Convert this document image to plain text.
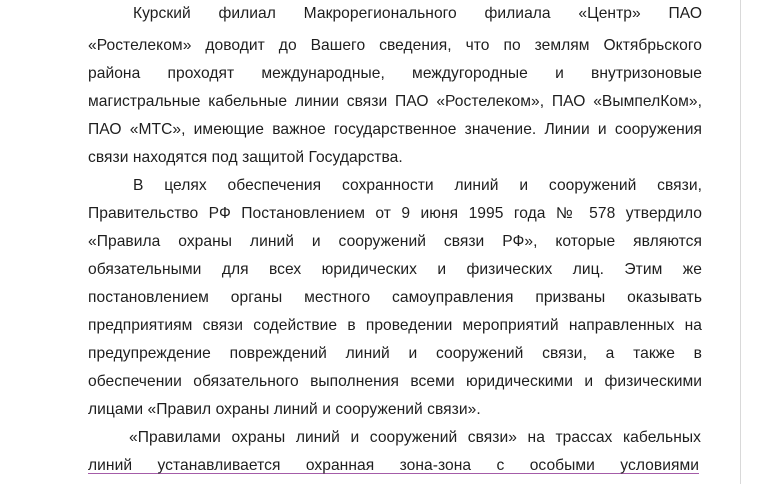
Курский филиал Макрорегионального филиала «Центр» ПАО
«Ростелеком» доводит до Вашего сведения, что по землям Октябрьского
района проходят международные, междугородные и внутризоновые
магистральные кабельные линии связи ПАО «Ростелеком», ПАО «ВымпелКом»,
ПАО «МТС», имеющие важное государственное значение. Линии и сооружения
связи находятся под защитой Государства.
В целях обеспечения сохранности линий и сооружений связи,
Правительство РФ Постановлением от 9 июня 1995 года № 578 утвердило
«Правила охраны линий и сооружений связи РФ», которые являются
обязательными для всех юридических и физических лиц. Этим же
постановлением органы местного самоуправления призваны оказывать
предприятиям связи содействие в проведении мероприятий направленных на
предупреждение повреждений линий и сооружений связи, а также в
обеспечении обязательного выполнения всеми юридическими и физическими
лицами «Правил охраны линий и сооружений связи».
«Правилами охраны линий и сооружений связи» на трассах кабельных
линий устанавливается охранная зона-зона с особыми условиями
